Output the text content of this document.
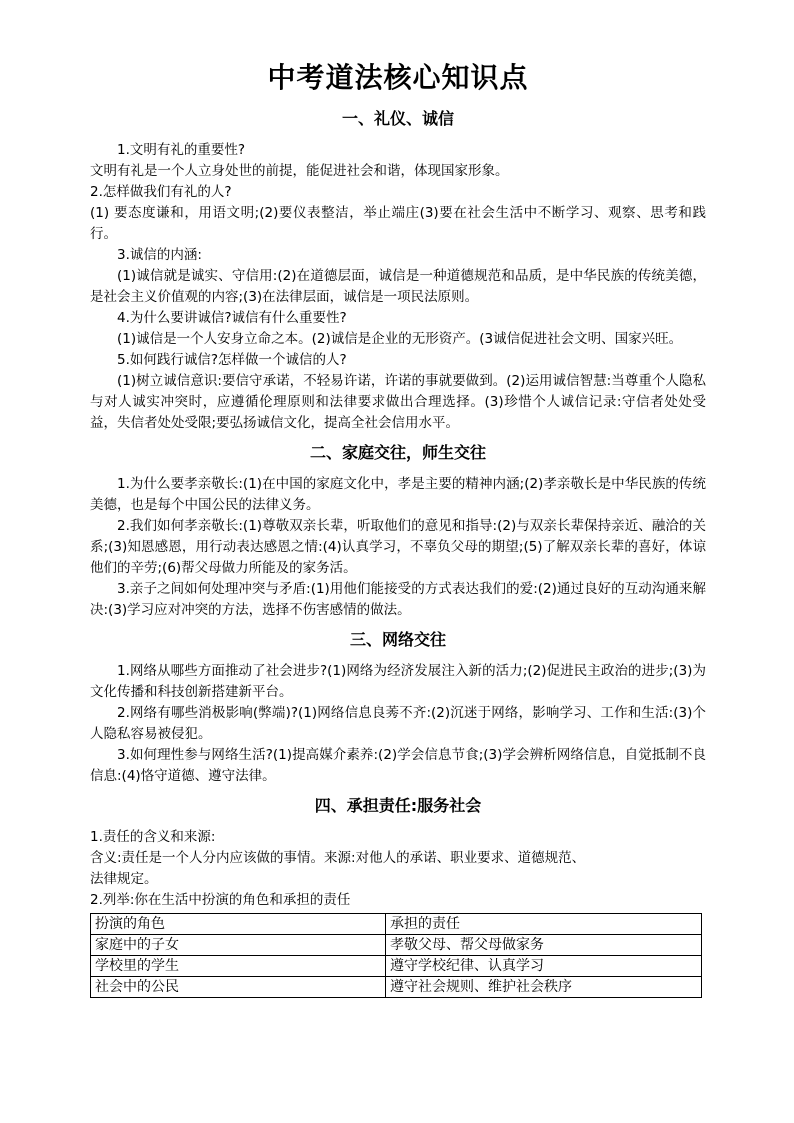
中考道法核心知识点
一、礼仪、诚信

1.文明有礼的重要性?

文明有礼是一个人立身处世的前提，能促进社会和谐，体现国家形象。

2.怎样做我们有礼的人?

(1) 要态度谦和，用语文明;(2)要仪表整洁，举止端庄(3)要在社会生活中不断学习、观察、思考和践行。

3.诚信的内涵:

(1)诚信就是诚实、守信用:(2)在道德层面，诚信是一种道德规范和品质，是中华民族的传统美德，是社会主义价值观的内容;(3)在法律层面，诚信是一项民法原则。

4.为什么要讲诚信?诚信有什么重要性?

(1)诚信是一个人安身立命之本。(2)诚信是企业的无形资产。(3诚信促进社会文明、国家兴旺。

5.如何践行诚信?怎样做一个诚信的人?

(1)树立诚信意识:要信守承诺，不轻易许诺，许诺的事就要做到。(2)运用诚信智慧:当尊重个人隐私与对人诚实冲突时，应遵循伦理原则和法律要求做出合理选择。(3)珍惜个人诚信记录:守信者处处受益，失信者处处受限;要弘扬诚信文化，提高全社会信用水平。

二、家庭交往，师生交往

1.为什么要孝亲敬长:(1)在中国的家庭文化中，孝是主要的精神内涵;(2)孝亲敬长是中华民族的传统美德，也是每个中国公民的法律义务。

2.我们如何孝亲敬长:(1)尊敬双亲长辈，听取他们的意见和指导:(2)与双亲长辈保持亲近、融洽的关系;(3)知恩感恩，用行动表达感恩之情:(4)认真学习，不辜负父母的期望;(5)了解双亲长辈的喜好，体谅他们的辛劳;(6)帮父母做力所能及的家务活。

3.亲子之间如何处理冲突与矛盾:(1)用他们能接受的方式表达我们的爱:(2)通过良好的互动沟通来解决:(3)学习应对冲突的方法，选择不伤害感情的做法。

三、网络交往

1.网络从哪些方面推动了社会进步?(1)网络为经济发展注入新的活力;(2)促进民主政治的进步;(3)为文化传播和科技创新搭建新平台。

2.网络有哪些消极影响(弊端)?(1)网络信息良莠不齐:(2)沉迷于网络，影响学习、工作和生活:(3)个人隐私容易被侵犯。

3.如何理性参与网络生活?(1)提高媒介素养:(2)学会信息节食;(3)学会辨析网络信息，自觉抵制不良信息:(4)恪守道德、遵守法律。

四、承担责任:服务社会

1.责任的含义和来源:

含义:责任是一个人分内应该做的事情。来源:对他人的承诺、职业要求、道德规范、

法律规定。

2.列举:你在生活中扮演的角色和承担的责任

扮演的角色	承担的责任
家庭中的子女	孝敬父母、帮父母做家务
学校里的学生	遵守学校纪律、认真学习
社会中的公民	遵守社会规则、维护社会秩序
